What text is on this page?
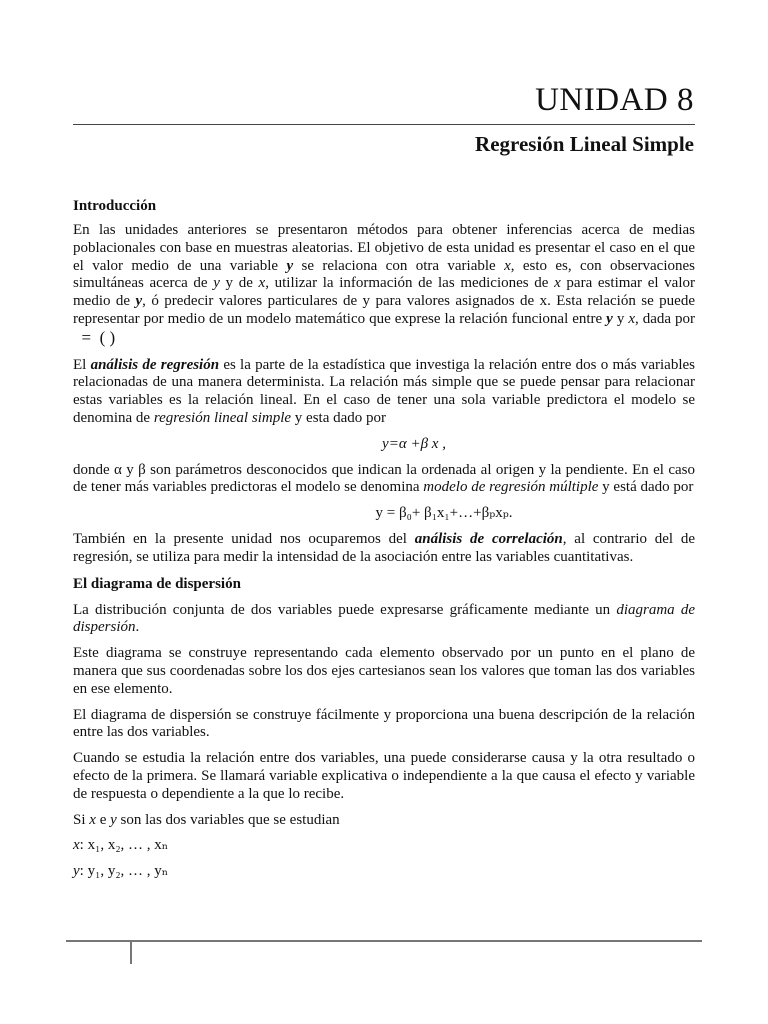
UNIDAD 8
Regresión Lineal Simple
Introducción

En las unidades anteriores se presentaron métodos para obtener inferencias acerca de medias poblacionales con base en muestras aleatorias. El objetivo de esta unidad es presentar el caso en el que el valor medio de una variable y se relaciona con otra variable x, esto es, con observaciones simultáneas acerca de y y de x, utilizar la información de las mediciones de x para estimar el valor medio de y, ó predecir valores particulares de y para valores asignados de x. Esta relación se puede representar por medio de un modelo matemático que exprese la relación funcional entre y y x, dada por   =  ( )

El análisis de regresión es la parte de la estadística que investiga la relación entre dos o más variables relacionadas de una manera determinista. La relación más simple que se puede pensar para relacionar estas variables es la relación lineal. En el caso de tener una sola variable predictora el modelo se denomina de regresión lineal simple y esta dado por

y=α +β x ,

donde α y β son parámetros desconocidos que indican la ordenada al origen y la pendiente. En el caso de tener más variables predictoras el modelo se denomina modelo de regresión múltiple y está dado por

y = β₀+ β₁x₁+…+βₚxₚ.

También en la presente unidad nos ocuparemos del análisis de correlación, al contrario del de regresión, se utiliza para medir la intensidad de la asociación entre las variables cuantitativas.

El diagrama de dispersión

La distribución conjunta de dos variables puede expresarse gráficamente mediante un diagrama de dispersión.

Este diagrama se construye representando cada elemento observado por un punto en el plano de manera que sus coordenadas sobre los dos ejes cartesianos sean los valores que toman las dos variables en ese elemento.

El diagrama de dispersión se construye fácilmente y proporciona una buena descripción de la relación entre las dos variables.

Cuando se estudia la relación entre dos variables, una puede considerarse causa y la otra resultado o efecto de la primera. Se llamará variable explicativa o independiente a la que causa el efecto y variable de respuesta o dependiente a la que lo recibe.

Si x e y son las dos variables que se estudian

x: x₁, x₂, … , xₙ

y: y₁, y₂, … , yₙ
